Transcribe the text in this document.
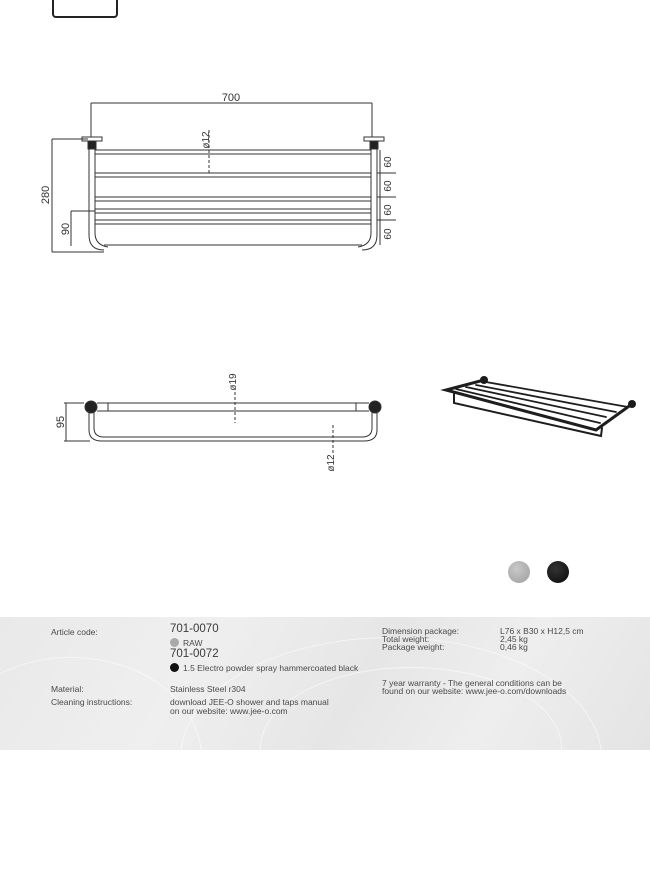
700
ø12
280
90
60
60
60
60
ø19
ø12
95
Article code:	701-0070
RAW
701-0072
1.5 Electro powder spray hammercoated black
Material:	Stainless Steel r304
Cleaning instructions:	download JEE-O shower and taps manual
on our website: www.jee-o.com
Dimension package:	L76 x B30 x H12,5 cm
Total weight:	2,45 kg
Package weight:	0,46 kg
7 year warranty - The general conditions can be
found on our website: www.jee-o.com/downloads
